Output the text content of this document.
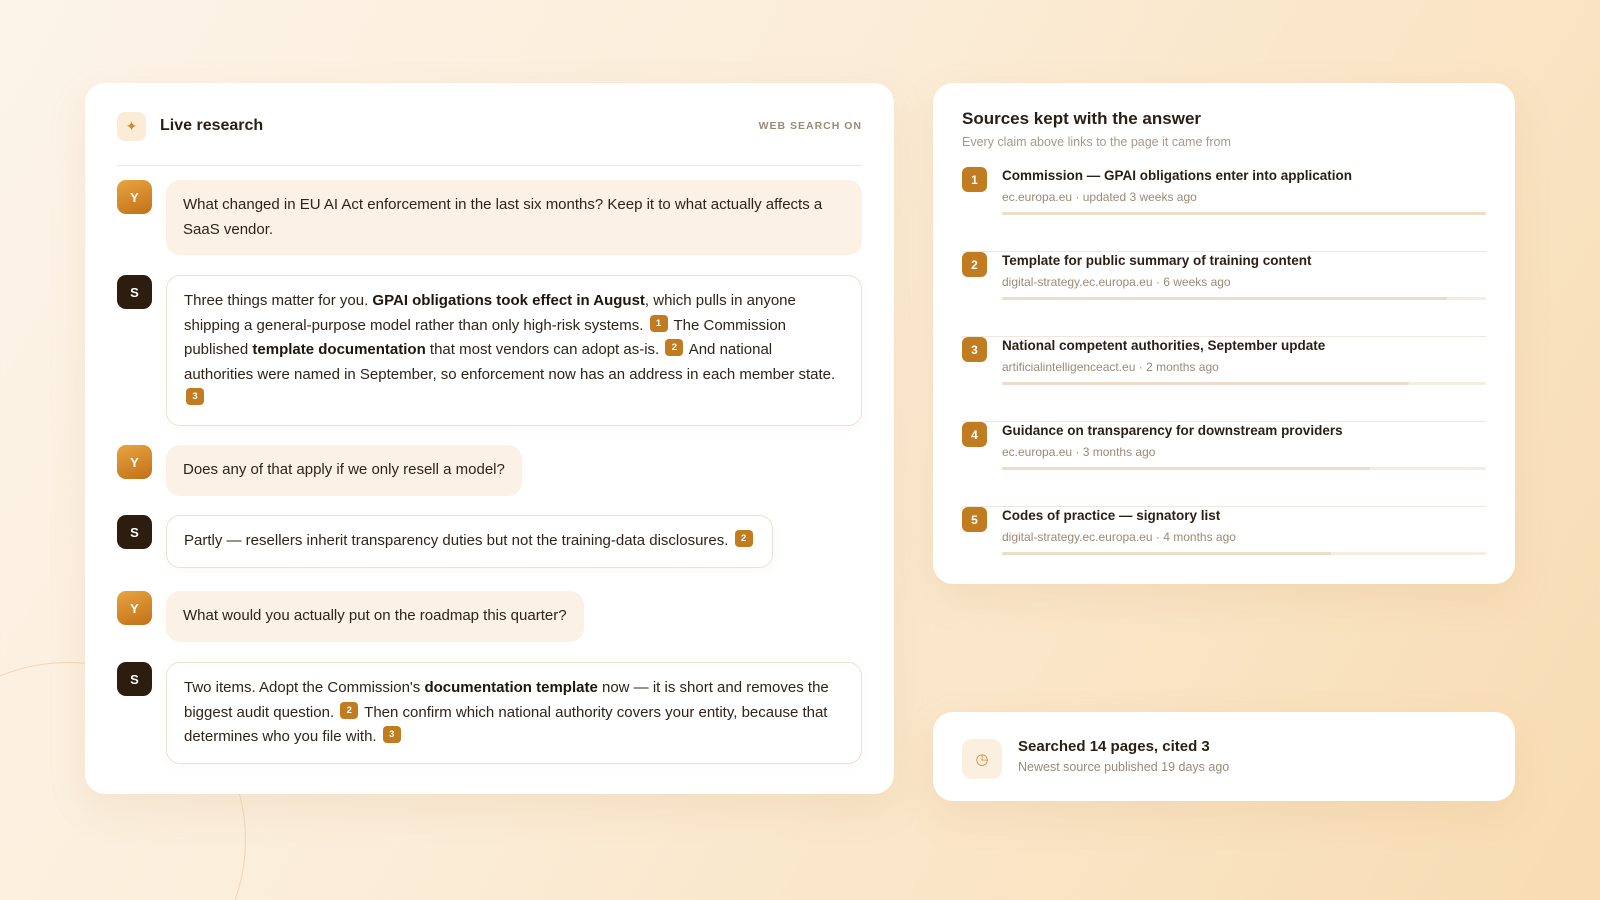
✦	Live research	WEB SEARCH ON
Y	What changed in EU AI Act enforcement in the last six months? Keep it to what actually affects a SaaS vendor.
S	Three things matter for you. GPAI obligations took effect in August, which pulls in anyone shipping a general-purpose model rather than only high-risk systems. 1 The Commission published template documentation that most vendors can adopt as-is. 2 And national authorities were named in September, so enforcement now has an address in each member state. 3
Y	Does any of that apply if we only resell a model?
S	Partly — resellers inherit transparency duties but not the training-data disclosures. 2
Y	What would you actually put on the roadmap this quarter?
S	Two items. Adopt the Commission's documentation template now — it is short and removes the biggest audit question. 2 Then confirm which national authority covers your entity, because that determines who you file with. 3
Sources kept with the answer
Every claim above links to the page it came from
1	Commission — GPAI obligations enter into application
ec.europa.eu · updated 3 weeks ago
2	Template for public summary of training content
digital-strategy.ec.europa.eu · 6 weeks ago
3	National competent authorities, September update
artificialintelligenceact.eu · 2 months ago
4	Guidance on transparency for downstream providers
ec.europa.eu · 3 months ago
5	Codes of practice — signatory list
digital-strategy.ec.europa.eu · 4 months ago
◷
Searched 14 pages, cited 3
Newest source published 19 days ago
